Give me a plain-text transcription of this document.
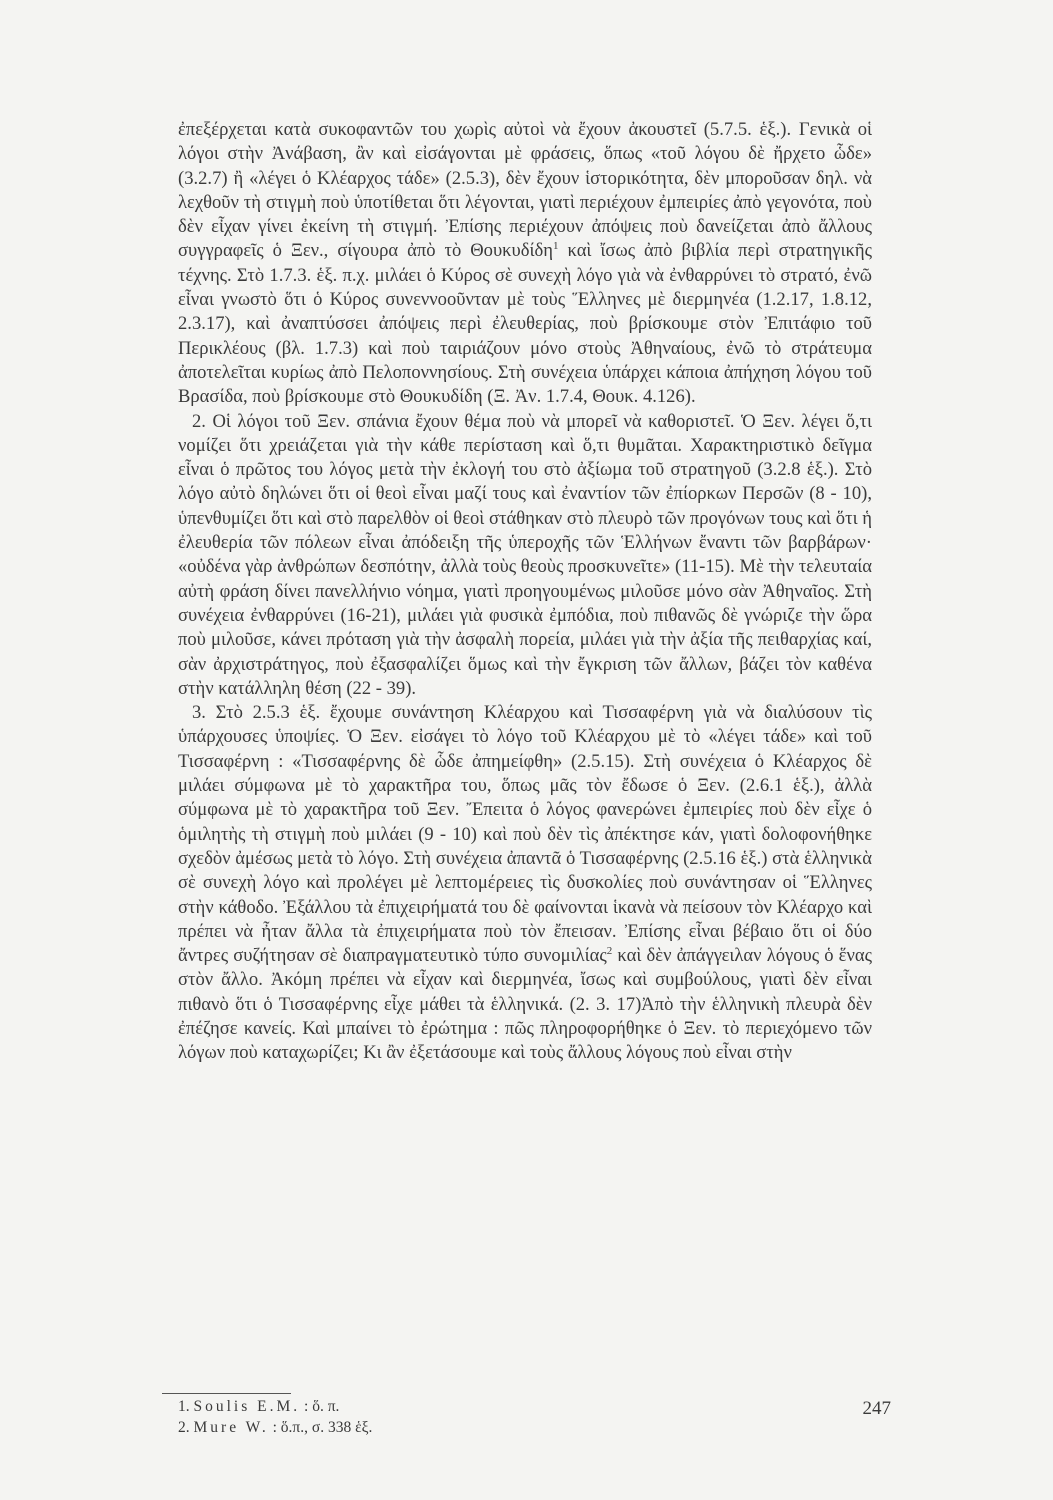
ἐπεξέρχεται κατὰ συκοφαντῶν του χωρὶς αὐτοὶ νὰ ἔχουν ἀκουστεῖ (5.7.5. ἑξ.). Γενικὰ οἱ λόγοι στὴν Ἀνάβαση, ἂν καὶ εἰσάγονται μὲ φράσεις, ὅπως «τοῦ λόγου δὲ ἤρχετο ὧδε» (3.2.7) ἢ «λέγει ὁ Κλέαρχος τάδε» (2.5.3), δὲν ἔχουν ἱστορικότητα, δὲν μποροῦσαν δηλ. νὰ λεχθοῦν τὴ στιγμὴ ποὺ ὑποτίθεται ὅτι λέγονται, γιατὶ περιέχουν ἐμπειρίες ἀπὸ γεγονότα, ποὺ δὲν εἶχαν γίνει ἐκείνη τὴ στιγμή. Ἐπίσης περιέχουν ἀπόψεις ποὺ δανείζεται ἀπὸ ἄλλους συγγραφεῖς ὁ Ξεν., σίγουρα ἀπὸ τὸ Θουκυδίδη$^1$ καὶ ἴσως ἀπὸ βιβλία περὶ στρατηγικῆς τέχνης. Στὸ 1.7.3. ἑξ. π.χ. μιλάει ὁ Κύρος σὲ συνεχὴ λόγο γιὰ νὰ ἐνθαρρύνει τὸ στρατό, ἐνῶ εἶναι γνωστὸ ὅτι ὁ Κύρος συνεννοοῦνταν μὲ τοὺς Ἕλληνες μὲ διερμηνέα (1.2.17, 1.8.12, 2.3.17), καὶ ἀναπτύσσει ἀπόψεις περὶ ἐλευθερίας, ποὺ βρίσκουμε στὸν Ἐπιτάφιο τοῦ Περικλέους (βλ. 1.7.3) καὶ ποὺ ταιριάζουν μόνο στοὺς Ἀθηναίους, ἐνῶ τὸ στράτευμα ἀποτελεῖται κυρίως ἀπὸ Πελοποννησίους. Στὴ συνέχεια ὑπάρχει κάποια ἀπήχηση λόγου τοῦ Βρασίδα, ποὺ βρίσκουμε στὸ Θουκυδίδη (Ξ. Ἀν. 1.7.4, Θουκ. 4.126).

2. Οἱ λόγοι τοῦ Ξεν. σπάνια ἔχουν θέμα ποὺ νὰ μπορεῖ νὰ καθοριστεῖ. Ὁ Ξεν. λέγει ὅ,τι νομίζει ὅτι χρειάζεται γιὰ τὴν κάθε περίσταση καὶ ὅ,τι θυμᾶται. Χαρακτηριστικὸ δεῖγμα εἶναι ὁ πρῶτος του λόγος μετὰ τὴν ἐκλογή του στὸ ἀξίωμα τοῦ στρατηγοῦ (3.2.8 ἑξ.). Στὸ λόγο αὐτὸ δηλώνει ὅτι οἱ θεοὶ εἶναι μαζί τους καὶ ἐναντίον τῶν ἐπίορκων Περσῶν (8 - 10), ὑπενθυμίζει ὅτι καὶ στὸ παρελθὸν οἱ θεοὶ στάθηκαν στὸ πλευρὸ τῶν προγόνων τους καὶ ὅτι ἡ ἐλευθερία τῶν πόλεων εἶναι ἀπόδειξη τῆς ὑπεροχῆς τῶν Ἑλλήνων ἔναντι τῶν βαρβάρων· «οὐδένα γὰρ ἀνθρώπων δεσπότην, ἀλλὰ τοὺς θεοὺς προσκυνεῖτε» (11-15). Μὲ τὴν τελευταία αὐτὴ φράση δίνει πανελλήνιο νόημα, γιατὶ προηγουμένως μιλοῦσε μόνο σὰν Ἀθηναῖος. Στὴ συνέχεια ἐνθαρρύνει (16-21), μιλάει γιὰ φυσικὰ ἐμπόδια, ποὺ πιθανῶς δὲ γνώριζε τὴν ὥρα ποὺ μιλοῦσε, κάνει πρόταση γιὰ τὴν ἀσφαλὴ πορεία, μιλάει γιὰ τὴν ἀξία τῆς πειθαρχίας καί, σὰν ἀρχιστράτηγος, ποὺ ἐξασφαλίζει ὅμως καὶ τὴν ἔγκριση τῶν ἄλλων, βάζει τὸν καθένα στὴν κατάλληλη θέση (22 - 39).

3. Στὸ 2.5.3 ἑξ. ἔχουμε συνάντηση Κλέαρχου καὶ Τισσαφέρνη γιὰ νὰ διαλύσουν τὶς ὑπάρχουσες ὑποψίες. Ὁ Ξεν. εἰσάγει τὸ λόγο τοῦ Κλέαρχου μὲ τὸ «λέγει τάδε» καὶ τοῦ Τισσαφέρνη : «Τισσαφέρνης δὲ ὧδε ἀπημείφθη» (2.5.15). Στὴ συνέχεια ὁ Κλέαρχος δὲ μιλάει σύμφωνα μὲ τὸ χαρακτῆρα του, ὅπως μᾶς τὸν ἔδωσε ὁ Ξεν. (2.6.1 ἑξ.), ἀλλὰ σύμφωνα μὲ τὸ χαρακτῆρα τοῦ Ξεν. Ἔπειτα ὁ λόγος φανερώνει ἐμπειρίες ποὺ δὲν εἶχε ὁ ὁμιλητὴς τὴ στιγμὴ ποὺ μιλάει (9 - 10) καὶ ποὺ δὲν τὶς ἀπέκτησε κάν, γιατὶ δολοφονήθηκε σχεδὸν ἀμέσως μετὰ τὸ λόγο. Στὴ συνέχεια ἀπαντᾶ ὁ Τισσαφέρνης (2.5.16 ἑξ.) στὰ ἑλληνικὰ σὲ συνεχὴ λόγο καὶ προλέγει μὲ λεπτομέρειες τὶς δυσκολίες ποὺ συνάντησαν οἱ Ἕλληνες στὴν κάθοδο. Ἐξάλλου τὰ ἐπιχειρήματά του δὲ φαίνονται ἱκανὰ νὰ πείσουν τὸν Κλέαρχο καὶ πρέπει νὰ ἦταν ἄλλα τὰ ἐπιχειρήματα ποὺ τὸν ἔπεισαν. Ἐπίσης εἶναι βέβαιο ὅτι οἱ δύο ἄντρες συζήτησαν σὲ διαπραγματευτικὸ τύπο συνομιλίας$^2$ καὶ δὲν ἀπάγγειλαν λόγους ὁ ἕνας στὸν ἄλλο. Ἀκόμη πρέπει νὰ εἶχαν καὶ διερμηνέα, ἴσως καὶ συμβούλους, γιατὶ δὲν εἶναι πιθανὸ ὅτι ὁ Τισσαφέρνης εἶχε μάθει τὰ ἑλληνικά. (2. 3. 17)Ἀπὸ τὴν ἑλληνικὴ πλευρὰ δὲν ἐπέζησε κανείς. Καὶ μπαίνει τὸ ἐρώτημα : πῶς πληροφορήθηκε ὁ Ξεν. τὸ περιεχόμενο τῶν λόγων ποὺ καταχωρίζει; Κι ἂν ἐξετάσουμε καὶ τοὺς ἄλλους λόγους ποὺ εἶναι στὴν

1. Soulis E.M. : ὅ. π.
2. Mure W. : ὅ.π., σ. 338 ἑξ.
247
